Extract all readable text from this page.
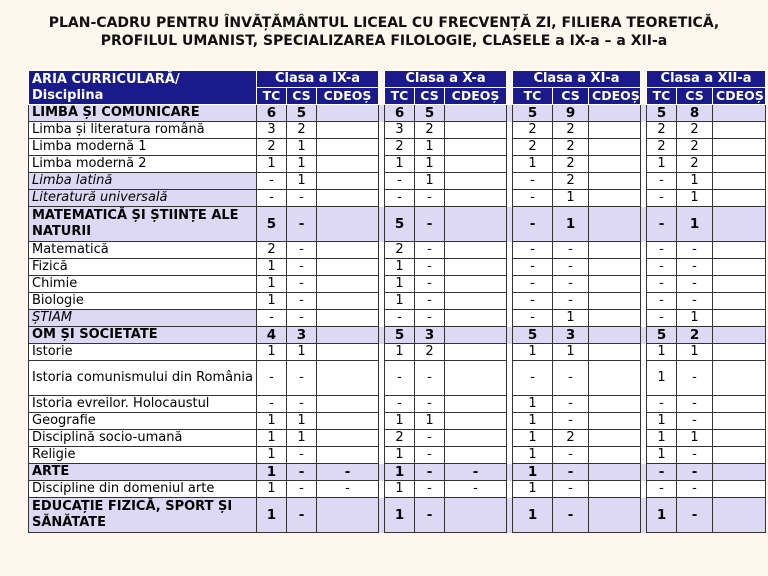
PLAN-CADRU PENTRU ÎNVĂȚĂMÂNTUL LICEAL CU FRECVENȚĂ ZI, FILIERA TEORETICĂ,
PROFILUL UMANIST, SPECIALIZAREA FILOLOGIE, CLASELE a IX-a – a XII-a
ARIA CURRICULARĂ/
Disciplina	Clasa a IX-a				Clasa a X-a				Clasa a XI-a				Clasa a XII-a		
	TC	CS	CDEOȘ		TC	CS	CDEOȘ		TC	CS	CDEOȘ		TC	CS	CDEOȘ
LIMBĂ ȘI COMUNICARE	6	5			6	5			5	9			5	8	
Limba și literatura română	3	2			3	2			2	2			2	2	
Limba modernă 1	2	1			2	1			2	2			2	2	
Limba modernă 2	1	1			1	1			1	2			1	2	
Limba latină	-	1			-	1			-	2			-	1	
Literatură universală	-	-			-	-			-	1			-	1	
MATEMATICĂ ȘI ȘTIINȚE ALE NATURII	5	-			5	-			-	1			-	1	
Matematică	2	-			2	-			-	-			-	-	
Fizică	1	-			1	-			-	-			-	-	
Chimie	1	-			1	-			-	-			-	-	
Biologie	1	-			1	-			-	-			-	-	
ȘTIAM	-	-			-	-			-	1			-	1	
OM ȘI SOCIETATE	4	3			5	3			5	3			5	2	
Istorie	1	1			1	2			1	1			1	1	
Istoria comunismului din România	-	-			-	-			-	-			1	-	
Istoria evreilor. Holocaustul	-	-			-	-			1	-			-	-	
Geografie	1	1			1	1			1	-			1	-	
Disciplină socio-umană	1	1			2	-			1	2			1	1	
Religie	1	-			1	-			1	-			1	-	
ARTE	1	-	-		1	-	-		1	-			-	-	
Discipline din domeniul arte	1	-	-		1	-	-		1	-			-	-	
EDUCAȚIE FIZICĂ, SPORT ȘI SĂNĂTATE	1	-			1	-			1	-			1	-	
